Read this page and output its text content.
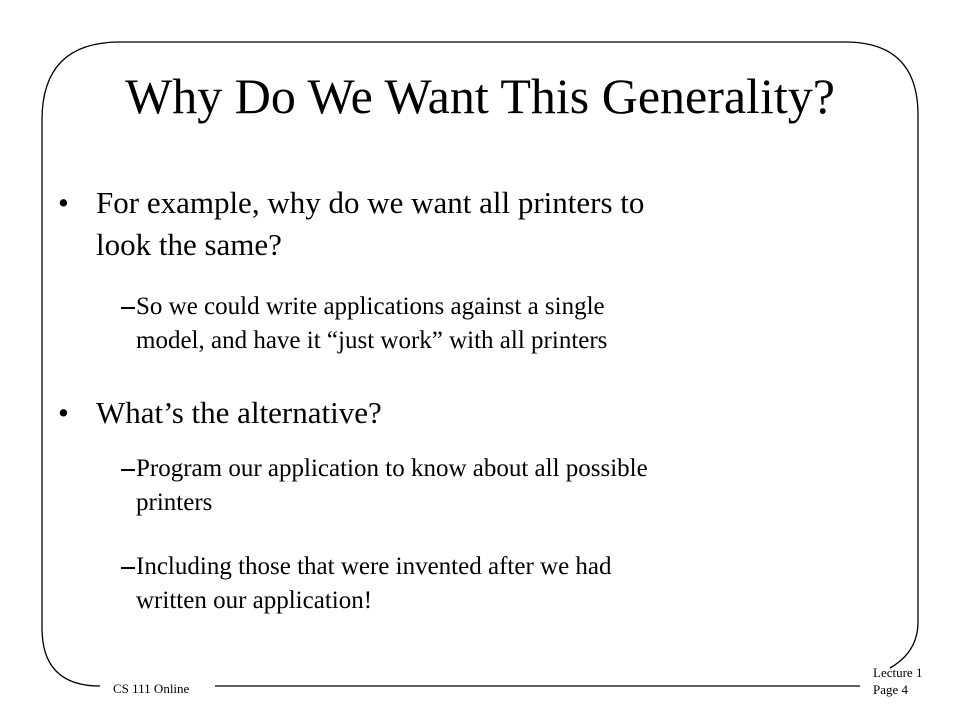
Why Do We Want This Generality?
• For example, why do we want all printers to
look the same?
So we could write applications against a single
model, and have it “just work” with all printers
• What’s the alternative?
Program our application to know about all possible
printers
Including those that were invented after we had
written our application!
CS 111 Online
Lecture 1
Page 4
